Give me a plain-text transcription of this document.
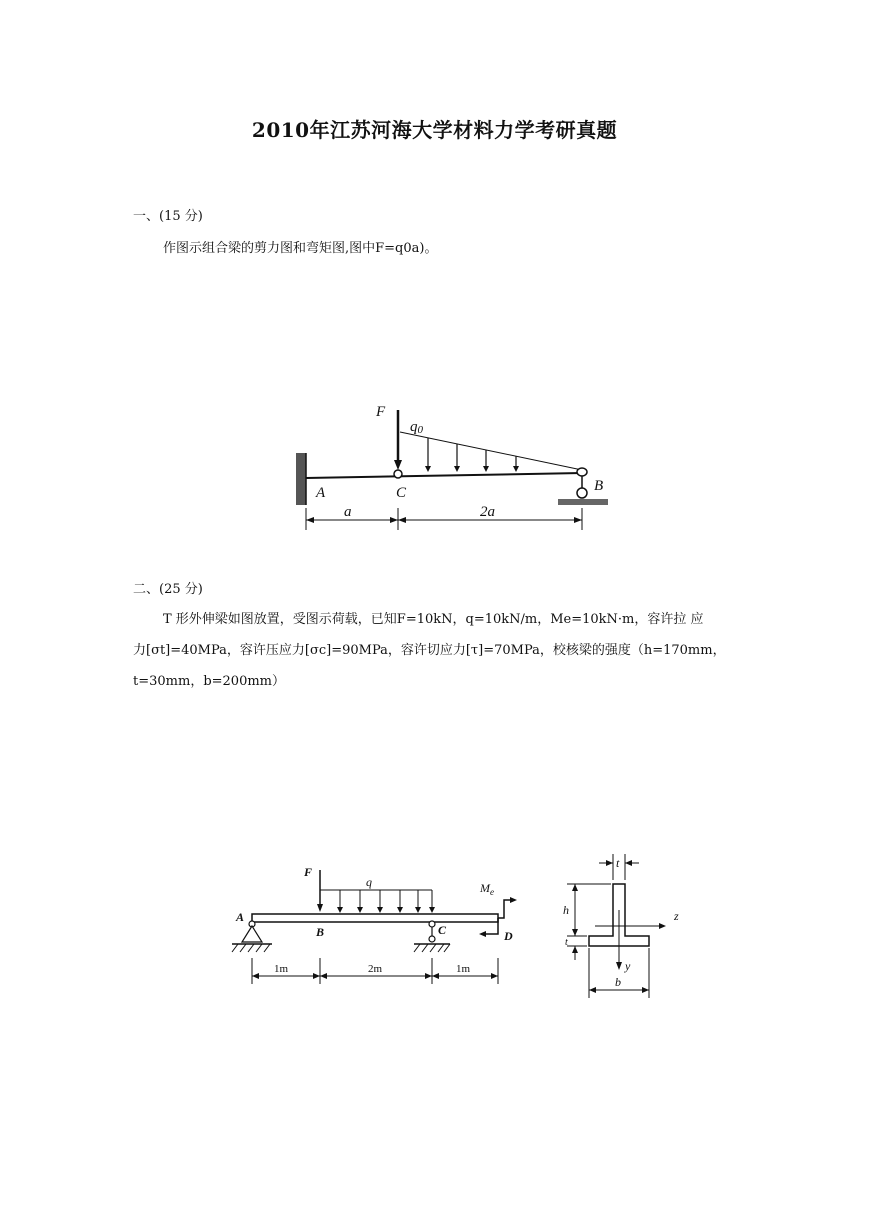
2010年江苏河海大学材料力学考研真题
一、(15 分)
作图示组合梁的剪力图和弯矩图,图中F=q0a)。
F
q0
A	C	B
a	2a
二、(25 分)
T 形外伸梁如图放置，受图示荷载，已知F=10kN，q=10kN/m，Me=10kN·m，容许拉 应
力[σt]=40MPa，容许压应力[σc]=90MPa，容许切应力[τ]=70MPa，校核梁的强度（h=170mm，
t=30mm，b=200mm）
F
q	$M_e$
D
A
B	C
1m	2m	1m
t
h
t
z
y
b
